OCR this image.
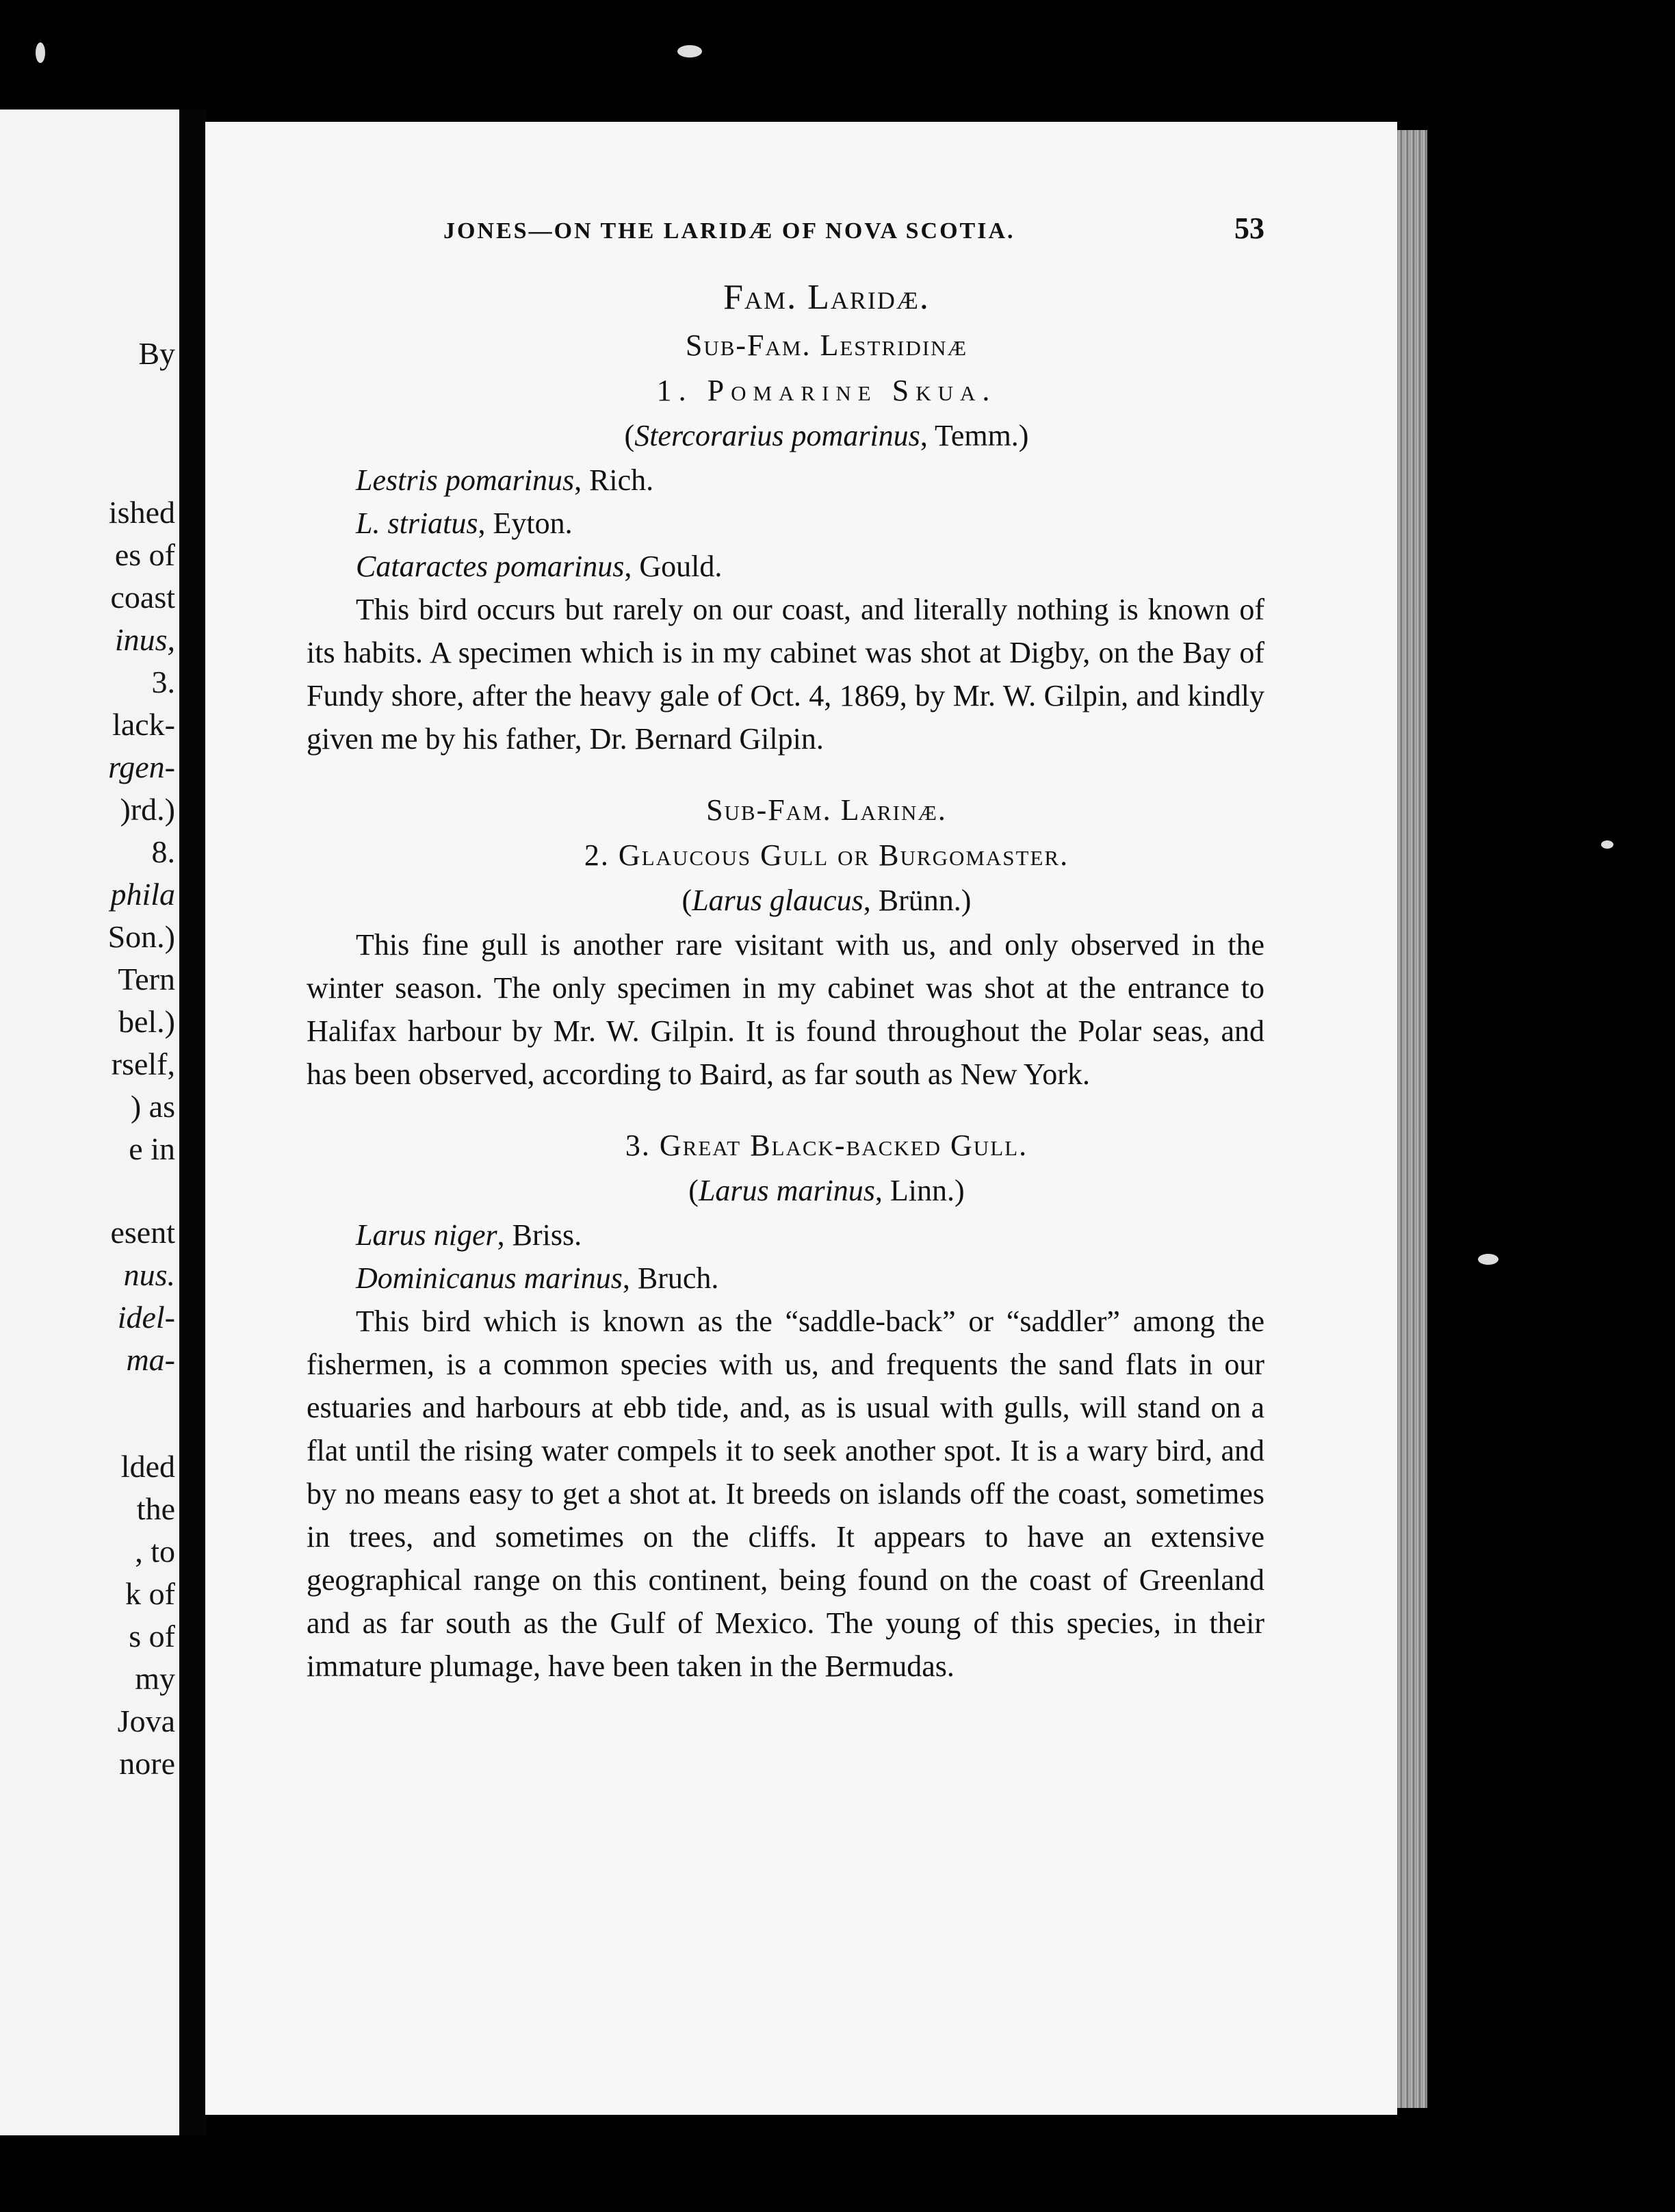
By
ished
es of
coast
inus,
3.
lack-
rgen-
)rd.)
8.
phila
Son.)
Tern
bel.)
rself,
) as
e in
esent
nus.
idel-
ma-
lded
the
, to
k of
s of
my
Jova
nore
JONES—ON THE LARIDÆ OF NOVA SCOTIA.	53
Fam. Laridæ.
Sub-Fam. Lestridinæ
1. Pomarine Skua.
(Stercorarius pomarinus, Temm.)
Lestris pomarinus, Rich.
L. striatus, Eyton.
Cataractes pomarinus, Gould.

This bird occurs but rarely on our coast, and literally nothing is known of its habits. A specimen which is in my cabinet was shot at Digby, on the Bay of Fundy shore, after the heavy gale of Oct. 4, 1869, by Mr. W. Gilpin, and kindly given me by his father, Dr. Bernard Gilpin.

Sub-Fam. Larinæ.
2. Glaucous Gull or Burgomaster.
(Larus glaucus, Brünn.)

This fine gull is another rare visitant with us, and only observed in the winter season. The only specimen in my cabinet was shot at the entrance to Halifax harbour by Mr. W. Gilpin. It is found throughout the Polar seas, and has been observed, according to Baird, as far south as New York.

3. Great Black-backed Gull.
(Larus marinus, Linn.)
Larus niger, Briss.
Dominicanus marinus, Bruch.

This bird which is known as the “saddle-back” or “saddler” among the fishermen, is a common species with us, and frequents the sand flats in our estuaries and harbours at ebb tide, and, as is usual with gulls, will stand on a flat until the rising water compels it to seek another spot. It is a wary bird, and by no means easy to get a shot at. It breeds on islands off the coast, sometimes in trees, and sometimes on the cliffs. It appears to have an extensive geographical range on this continent, being found on the coast of Greenland and as far south as the Gulf of Mexico. The young of this species, in their immature plumage, have been taken in the Bermudas.
